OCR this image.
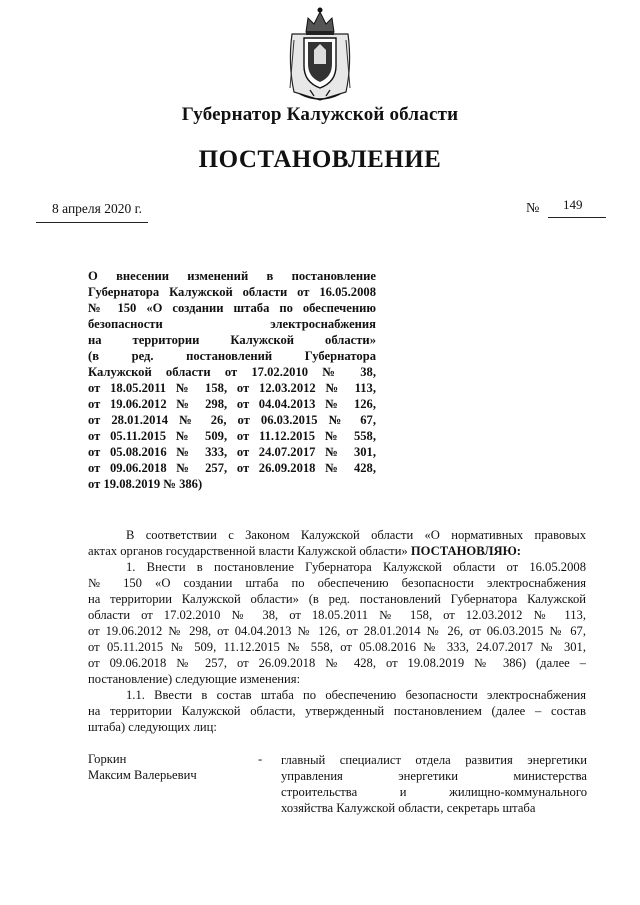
Губернатор Калужской области
ПОСТАНОВЛЕНИЕ
8 апреля 2020 г.	№ 149
О внесении изменений в постановление
Губернатора Калужской области от 16.05.2008
№ 150 «О создании штаба по обеспечению
безопасности электроснабжения
на территории Калужской области»
(в ред. постановлений Губернатора
Калужской области от 17.02.2010 № 38,
от 18.05.2011 № 158, от 12.03.2012 № 113,
от 19.06.2012 № 298, от 04.04.2013 № 126,
от 28.01.2014 № 26, от 06.03.2015 № 67,
от 05.11.2015 № 509, от 11.12.2015 № 558,
от 05.08.2016 № 333, от 24.07.2017 № 301,
от 09.06.2018 № 257, от 26.09.2018 № 428,
от 19.08.2019 № 386)
В соответствии с Законом Калужской области «О нормативных правовых
актах органов государственной власти Калужской области» ПОСТАНОВЛЯЮ:
1. Внести в постановление Губернатора Калужской области от 16.05.2008
№ 150 «О создании штаба по обеспечению безопасности электроснабжения
на территории Калужской области» (в ред. постановлений Губернатора Калужской
области от 17.02.2010 № 38, от 18.05.2011 № 158, от 12.03.2012 № 113,
от 19.06.2012 № 298, от 04.04.2013 № 126, от 28.01.2014 № 26, от 06.03.2015 № 67,
от 05.11.2015 № 509, 11.12.2015 № 558, от 05.08.2016 № 333, 24.07.2017 № 301,
от 09.06.2018 № 257, от 26.09.2018 № 428, от 19.08.2019 № 386) (далее –
постановление) следующие изменения:
1.1. Ввести в состав штаба по обеспечению безопасности электроснабжения
на территории Калужской области, утвержденный постановлением (далее – состав
штаба) следующих лиц:
Горкин
Максим Валерьевич
- главный специалист отдела развития энергетики
управления энергетики министерства
строительства и жилищно-коммунального
хозяйства Калужской области, секретарь штаба
